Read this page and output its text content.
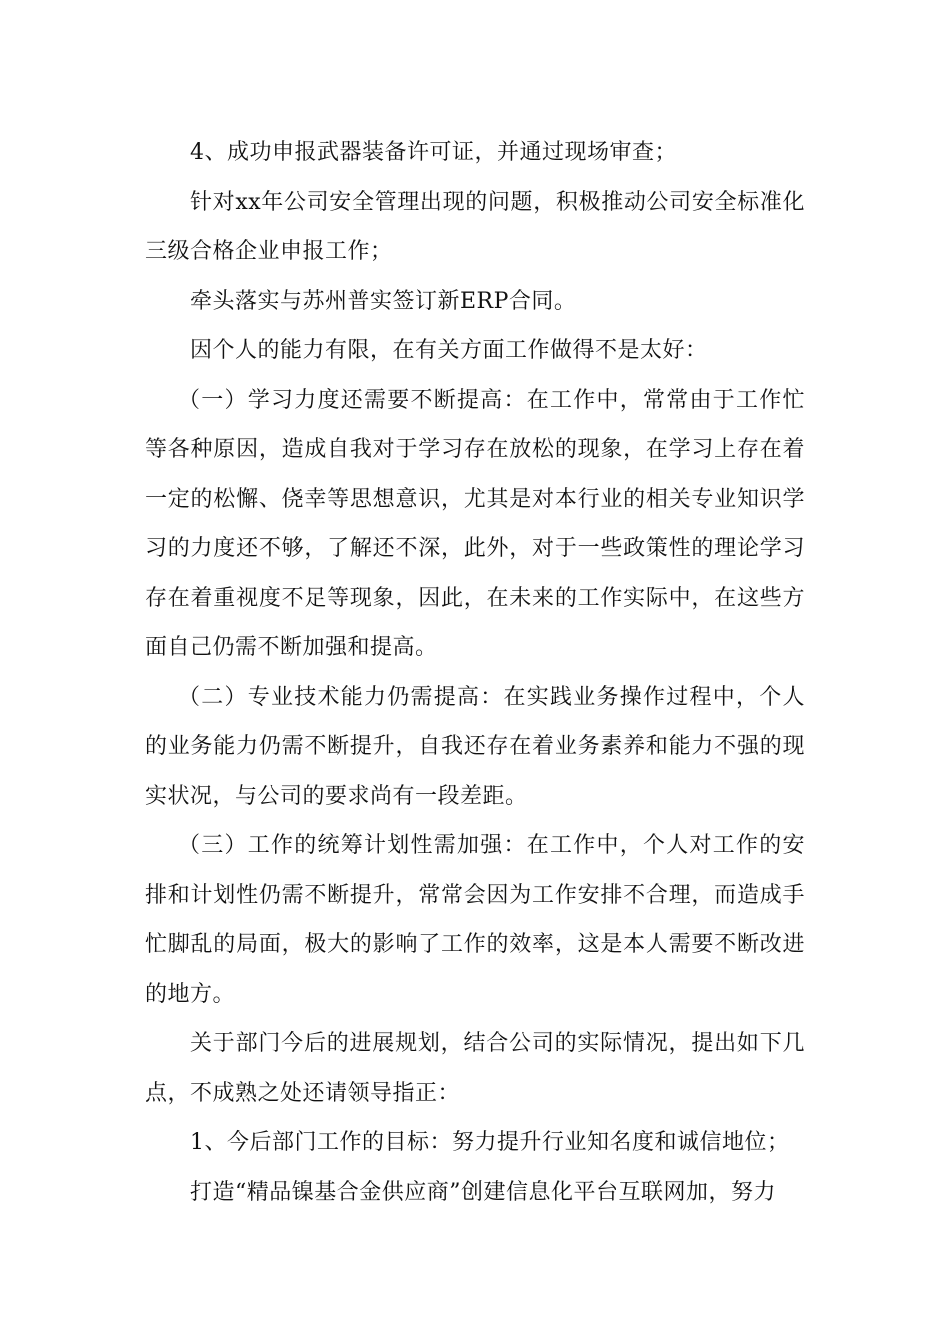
4、成功申报武器装备许可证，并通过现场审查；

针对xx年公司安全管理出现的问题，积极推动公司安全标准化三级合格企业申报工作；

牵头落实与苏州普实签订新ERP合同。

因个人的能力有限，在有关方面工作做得不是太好：

（一）学习力度还需要不断提高：在工作中，常常由于工作忙等各种原因，造成自我对于学习存在放松的现象，在学习上存在着一定的松懈、侥幸等思想意识，尤其是对本行业的相关专业知识学习的力度还不够，了解还不深，此外，对于一些政策性的理论学习存在着重视度不足等现象，因此，在未来的工作实际中，在这些方面自己仍需不断加强和提高。

（二）专业技术能力仍需提高：在实践业务操作过程中，个人的业务能力仍需不断提升，自我还存在着业务素养和能力不强的现实状况，与公司的要求尚有一段差距。

（三）工作的统筹计划性需加强：在工作中，个人对工作的安排和计划性仍需不断提升，常常会因为工作安排不合理，而造成手忙脚乱的局面，极大的影响了工作的效率，这是本人需要不断改进的地方。

关于部门今后的进展规划，结合公司的实际情况，提出如下几点，不成熟之处还请领导指正：

1、今后部门工作的目标：努力提升行业知名度和诚信地位；

打造“精品镍基合金供应商”创建信息化平台互联网加，努力
